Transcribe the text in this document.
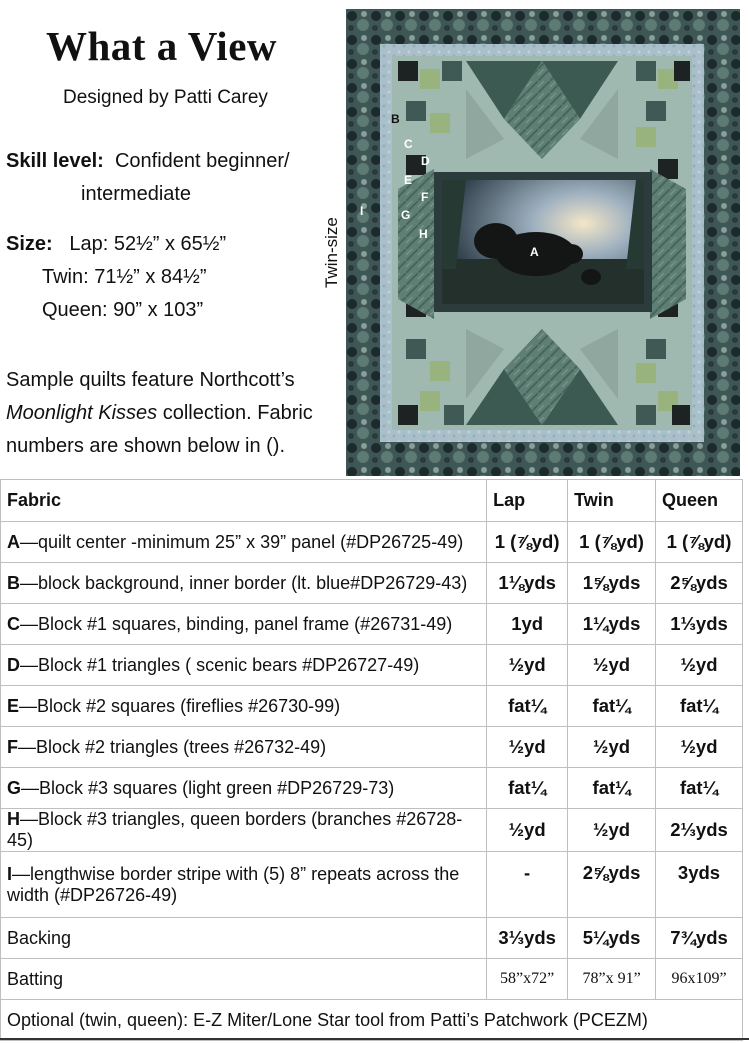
What a View
Designed by Patti Carey
Skill level: Confident beginner/
intermediate
Size: Lap: 52½” x 65½”
Twin: 71½” x 84½”
Queen: 90” x 103”
Sample quilts feature Northcott’s
Moonlight Kisses collection. Fabric
numbers are shown below in ().
Twin-size	A
B
C
D
E
F
G
H
I
Fabric	Lap	Twin	Queen
A—quilt center -minimum 25” x 39” panel (#DP26725-49)	1 (⅞yd)	1 (⅞yd)	1 (⅞yd)
B—block background, inner border (lt. blue#DP26729-43)	1⅛yds	1⅝yds	2⅝yds
C—Block #1 squares, binding, panel frame (#26731-49)	1yd	1¼yds	1⅓yds
D—Block #1 triangles ( scenic bears #DP26727-49)	½yd	½yd	½yd
E—Block #2 squares (fireflies #26730-99)	fat¼	fat¼	fat¼
F—Block #2 triangles (trees #26732-49)	½yd	½yd	½yd
G—Block #3 squares (light green #DP26729-73)	fat¼	fat¼	fat¼
H—Block #3 triangles, queen borders (branches #26728-45)	½yd	½yd	2⅓yds
I—lengthwise border stripe with (5) 8” repeats across the
width (#DP26726-49)	-	2⅝yds	3yds
Backing	3⅓yds	5¼yds	7¾yds
Batting	58”x72”	78”x 91”	96x109”
Optional (twin, queen): E-Z Miter/Lone Star tool from Patti’s Patchwork (PCEZM)			
